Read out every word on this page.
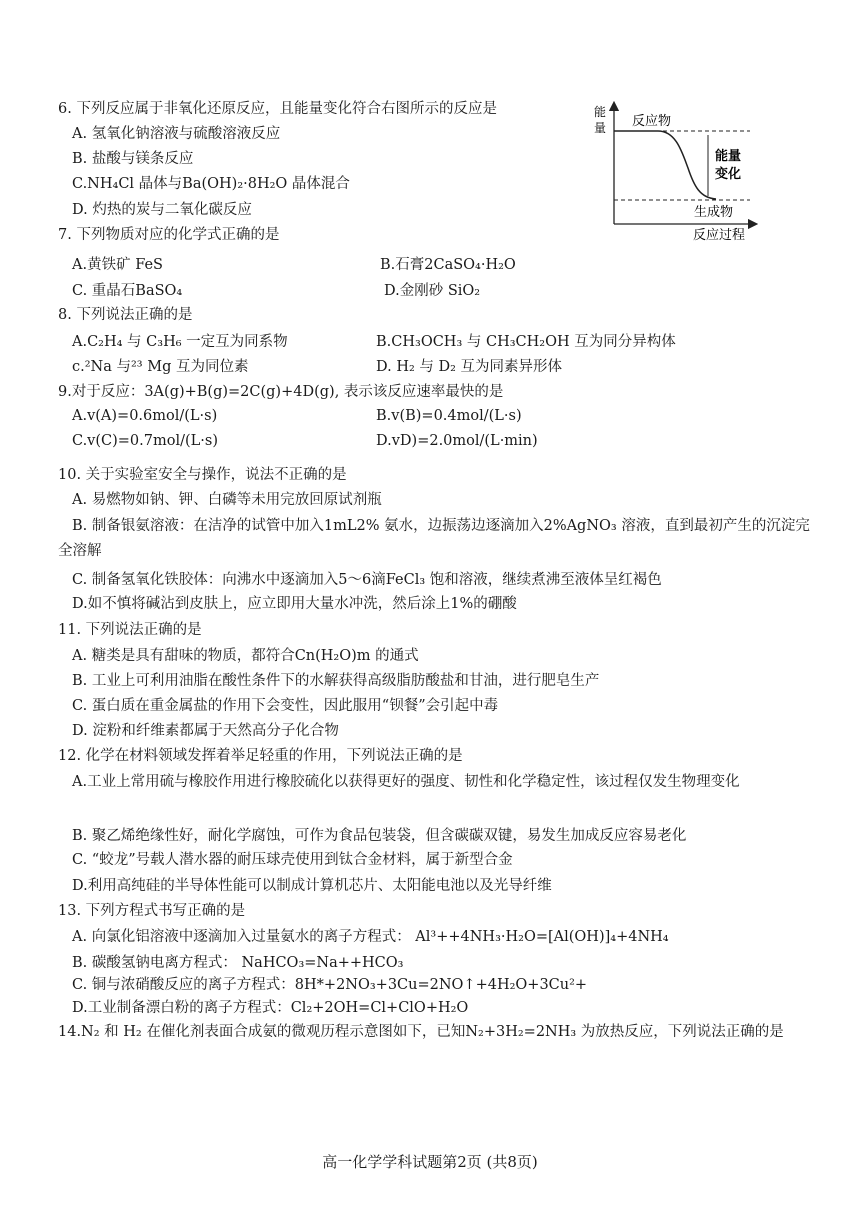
能
量 反应物
能量
变化
生成物
反应过程
6. 下列反应属于非氧化还原反应，且能量变化符合右图所示的反应是
A. 氢氧化钠溶液与硫酸溶液反应
B. 盐酸与镁条反应
C.NH₄Cl 晶体与Ba(OH)₂·8H₂O 晶体混合
D. 灼热的炭与二氧化碳反应
7. 下列物质对应的化学式正确的是
A.黄铁矿 FeS	B.石膏2CaSO₄·H₂O
C. 重晶石BaSO₄	D.金刚砂 SiO₂
8. 下列说法正确的是
A.C₂H₄ 与 C₃H₆ 一定互为同系物	B.CH₃OCH₃ 与 CH₃CH₂OH 互为同分异构体
c.²Na 与²³ Mg 互为同位素	D. H₂ 与 D₂ 互为同素异形体
9.对于反应：3A(g)+B(g)=2C(g)+4D(g), 表示该反应速率最快的是
A.v(A)=0.6mol/(L·s)	B.v(B)=0.4mol/(L·s)
C.v(C)=0.7mol/(L·s)	D.vD)=2.0mol/(L·min)
10. 关于实验室安全与操作，说法不正确的是
A. 易燃物如钠、钾、白磷等未用完放回原试剂瓶
B. 制备银氨溶液：在洁净的试管中加入1mL2% 氨水，边振荡边逐滴加入2%AgNO₃ 溶液，直到最初产生的沉淀完全溶解
C. 制备氢氧化铁胶体：向沸水中逐滴加入5～6滴FeCl₃ 饱和溶液，继续煮沸至液体呈红褐色
D.如不慎将碱沾到皮肤上，应立即用大量水冲洗，然后涂上1%的硼酸
11. 下列说法正确的是
A. 糖类是具有甜味的物质，都符合Cn(H₂O)m 的通式
B. 工业上可利用油脂在酸性条件下的水解获得高级脂肪酸盐和甘油，进行肥皂生产
C. 蛋白质在重金属盐的作用下会变性，因此服用“钡餐”会引起中毒
D. 淀粉和纤维素都属于天然高分子化合物
12. 化学在材料领域发挥着举足轻重的作用，下列说法正确的是
A.工业上常用硫与橡胶作用进行橡胶硫化以获得更好的强度、韧性和化学稳定性，该过程仅发生物理变化
B. 聚乙烯绝缘性好，耐化学腐蚀，可作为食品包装袋，但含碳碳双键，易发生加成反应容易老化
C. “蛟龙”号载人潜水器的耐压球壳使用到钛合金材料，属于新型合金
D.利用高纯硅的半导体性能可以制成计算机芯片、太阳能电池以及光导纤维
13. 下列方程式书写正确的是
A. 向氯化铝溶液中逐滴加入过量氨水的离子方程式： Al³++4NH₃·H₂O=[Al(OH)]₄+4NH₄
B. 碳酸氢钠电离方程式： NaHCO₃=Na++HCO₃
C. 铜与浓硝酸反应的离子方程式：8H*+2NO₃+3Cu=2NO↑+4H₂O+3Cu²+
D.工业制备漂白粉的离子方程式：Cl₂+2OH=Cl+ClO+H₂O
14.N₂ 和 H₂ 在催化剂表面合成氨的微观历程示意图如下，已知N₂+3H₂=2NH₃ 为放热反应，下列说法正确的是
高一化学学科试题第2页 (共8页)
